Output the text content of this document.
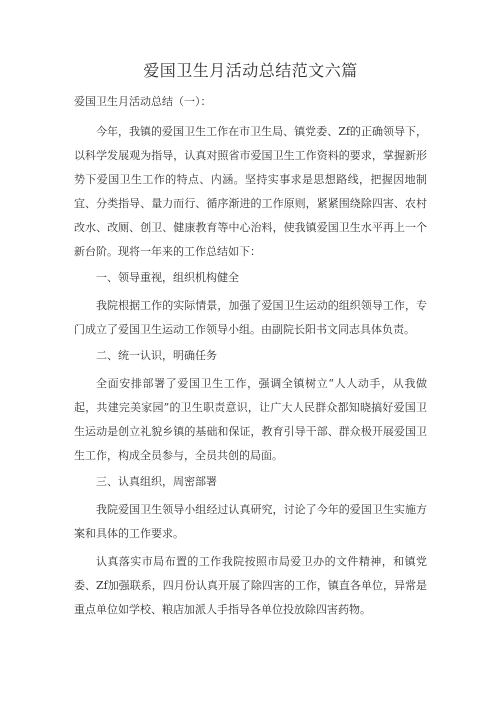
爱国卫生月活动总结范文六篇
爱国卫生月活动总结（一）：

今年，我镇的爱国卫生工作在市卫生局、镇党委、Zf的正确领导下，以科学发展观为指导，认真对照省市爱国卫生工作资料的要求，掌握新形势下爱国卫生工作的特点、内涵。坚持实事求是思想路线，把握因地制宜、分类指导、量力而行、循序渐进的工作原则，紧紧围绕除四害、农村改水、改厕、创卫、健康教育等中心治料，使我镇爱国卫生水平再上一个新台阶。现将一年来的工作总结如下：

一、领导重视，组织机构健全

我院根据工作的实际情景，加强了爱国卫生运动的组织领导工作，专门成立了爱国卫生运动工作领导小组。由副院长阳书文同志具体负责。

二、统一认识，明确任务

全面安排部署了爱国卫生工作，强调全镇树立“人人动手，从我做起，共建完美家园”的卫生职责意识，让广大人民群众都知晓搞好爱国卫生运动是创立礼貌乡镇的基础和保证，教育引导干部、群众极开展爱国卫生工作，构成全员参与，全员共创的局面。

三、认真组织，周密部署

我院爱国卫生领导小组经过认真研究，讨论了今年的爱国卫生实施方案和具体的工作要求。

认真落实市局布置的工作我院按照市局爱卫办的文件精神，和镇党委、Zf加强联系，四月份认真开展了除四害的工作，镇直各单位，异常是重点单位如学校、粮店加派人手指导各单位投放除四害药物。
